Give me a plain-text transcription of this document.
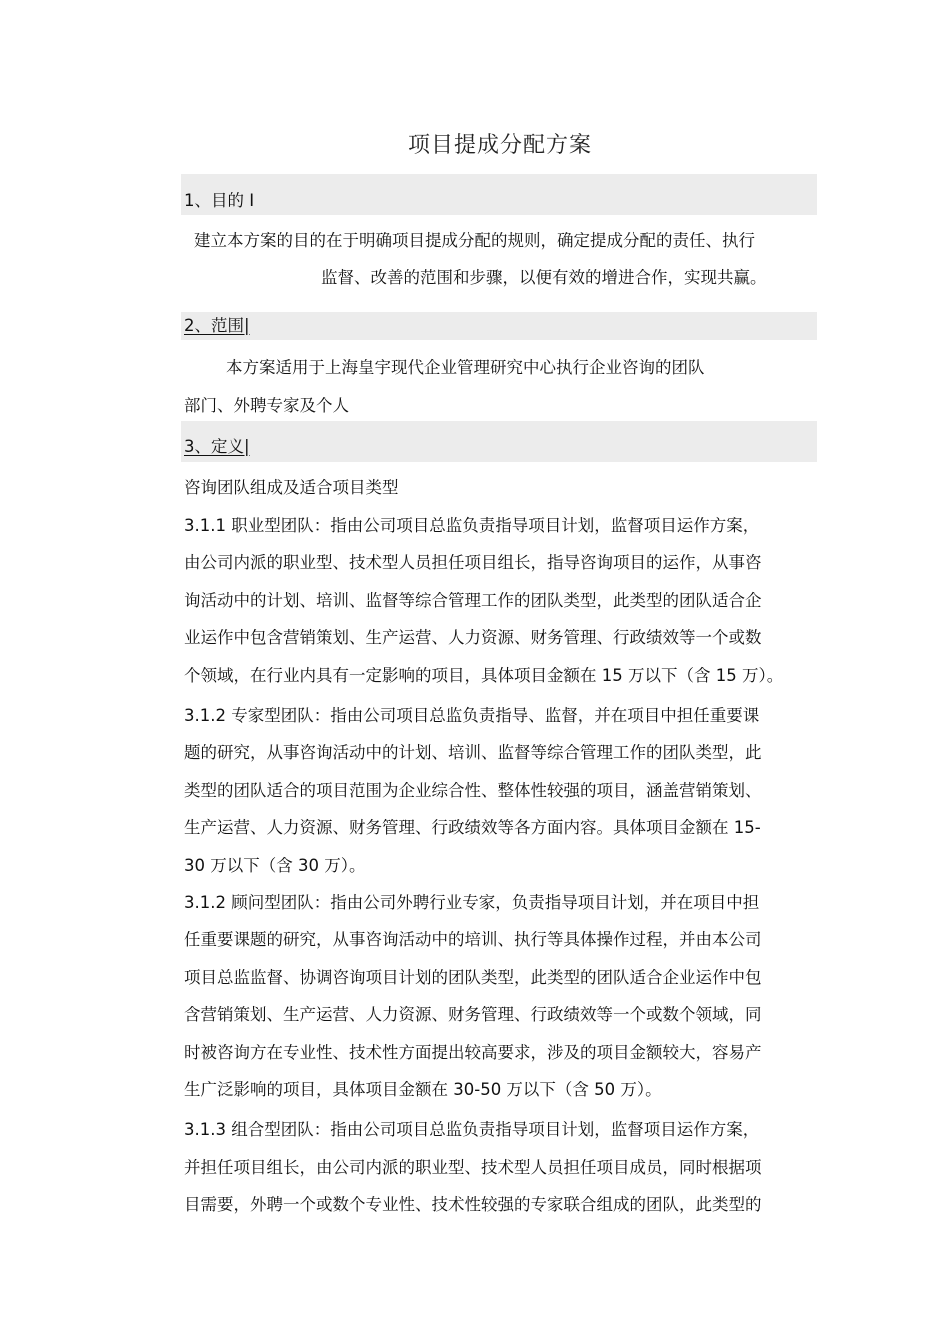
项目提成分配方案
1、目的 I
建立本方案的目的在于明确项目提成分配的规则，确定提成分配的责任、执行
监督、改善的范围和步骤，以便有效的增进合作，实现共赢。
2、范围|
本方案适用于上海皇宇现代企业管理研究中心执行企业咨询的团队
部门、外聘专家及个人
3、定义|
咨询团队组成及适合项目类型
3.1.1 职业型团队：指由公司项目总监负责指导项目计划，监督项目运作方案，
由公司内派的职业型、技术型人员担任项目组长，指导咨询项目的运作，从事咨
询活动中的计划、培训、监督等综合管理工作的团队类型，此类型的团队适合企
业运作中包含营销策划、生产运营、人力资源、财务管理、行政绩效等一个或数
个领域，在行业内具有一定影响的项目，具体项目金额在 15 万以下（含 15 万）。
3.1.2 专家型团队：指由公司项目总监负责指导、监督，并在项目中担任重要课
题的研究，从事咨询活动中的计划、培训、监督等综合管理工作的团队类型，此
类型的团队适合的项目范围为企业综合性、整体性较强的项目，涵盖营销策划、
生产运营、人力资源、财务管理、行政绩效等各方面内容。具体项目金额在 15-
30 万以下（含 30 万）。
3.1.2 顾问型团队：指由公司外聘行业专家，负责指导项目计划，并在项目中担
任重要课题的研究，从事咨询活动中的培训、执行等具体操作过程，并由本公司
项目总监监督、协调咨询项目计划的团队类型，此类型的团队适合企业运作中包
含营销策划、生产运营、人力资源、财务管理、行政绩效等一个或数个领域，同
时被咨询方在专业性、技术性方面提出较高要求，涉及的项目金额较大，容易产
生广泛影响的项目，具体项目金额在 30-50 万以下（含 50 万）。
3.1.3 组合型团队：指由公司项目总监负责指导项目计划，监督项目运作方案，
并担任项目组长，由公司内派的职业型、技术型人员担任项目成员，同时根据项
目需要，外聘一个或数个专业性、技术性较强的专家联合组成的团队，此类型的
